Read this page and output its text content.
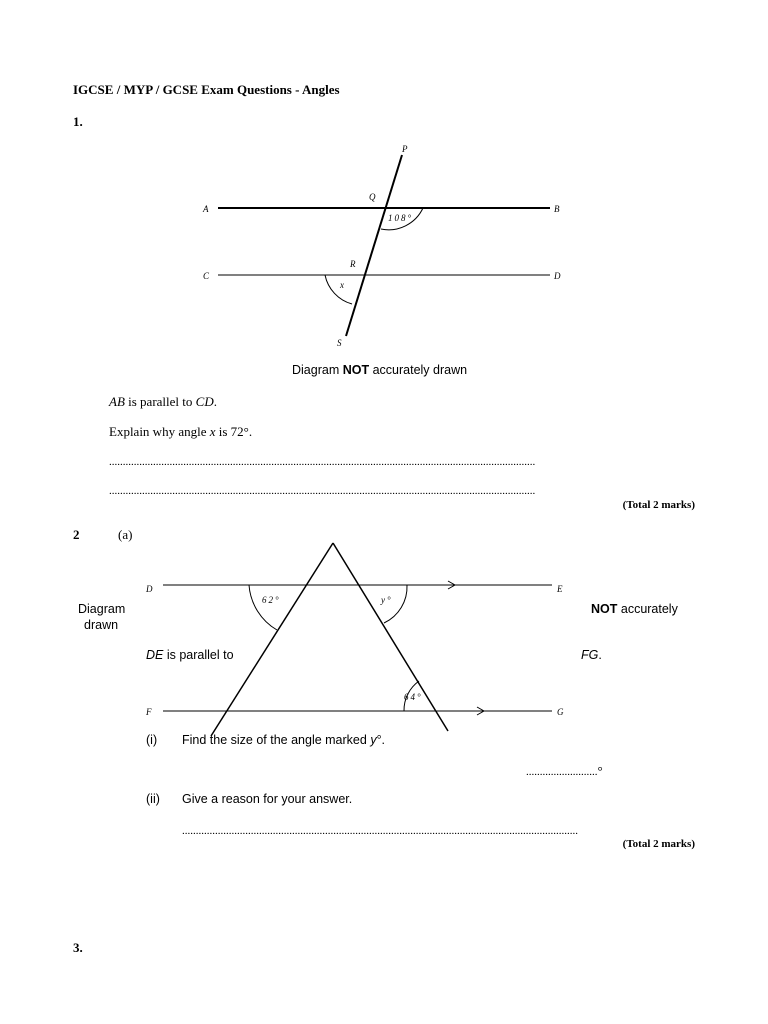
IGCSE / MYP / GCSE Exam Questions - Angles
1.
P
Q
A	B
C	D
R
S
108°
x
D	E
F	G
62°	y°
64°
Diagram NOT accurately drawn
AB is parallel to CD.
Explain why angle x is 72°.
...........................................................................................................................................................
...........................................................................................................................................................
(Total 2 marks)
2	(a)
Diagram
drawn
NOT accurately
DE is parallel to	FG.
(i) Find the size of the angle marked y°.
..........................°
(ii) Give a reason for your answer.
................................................................................................................................................
(Total 2 marks)
3.
